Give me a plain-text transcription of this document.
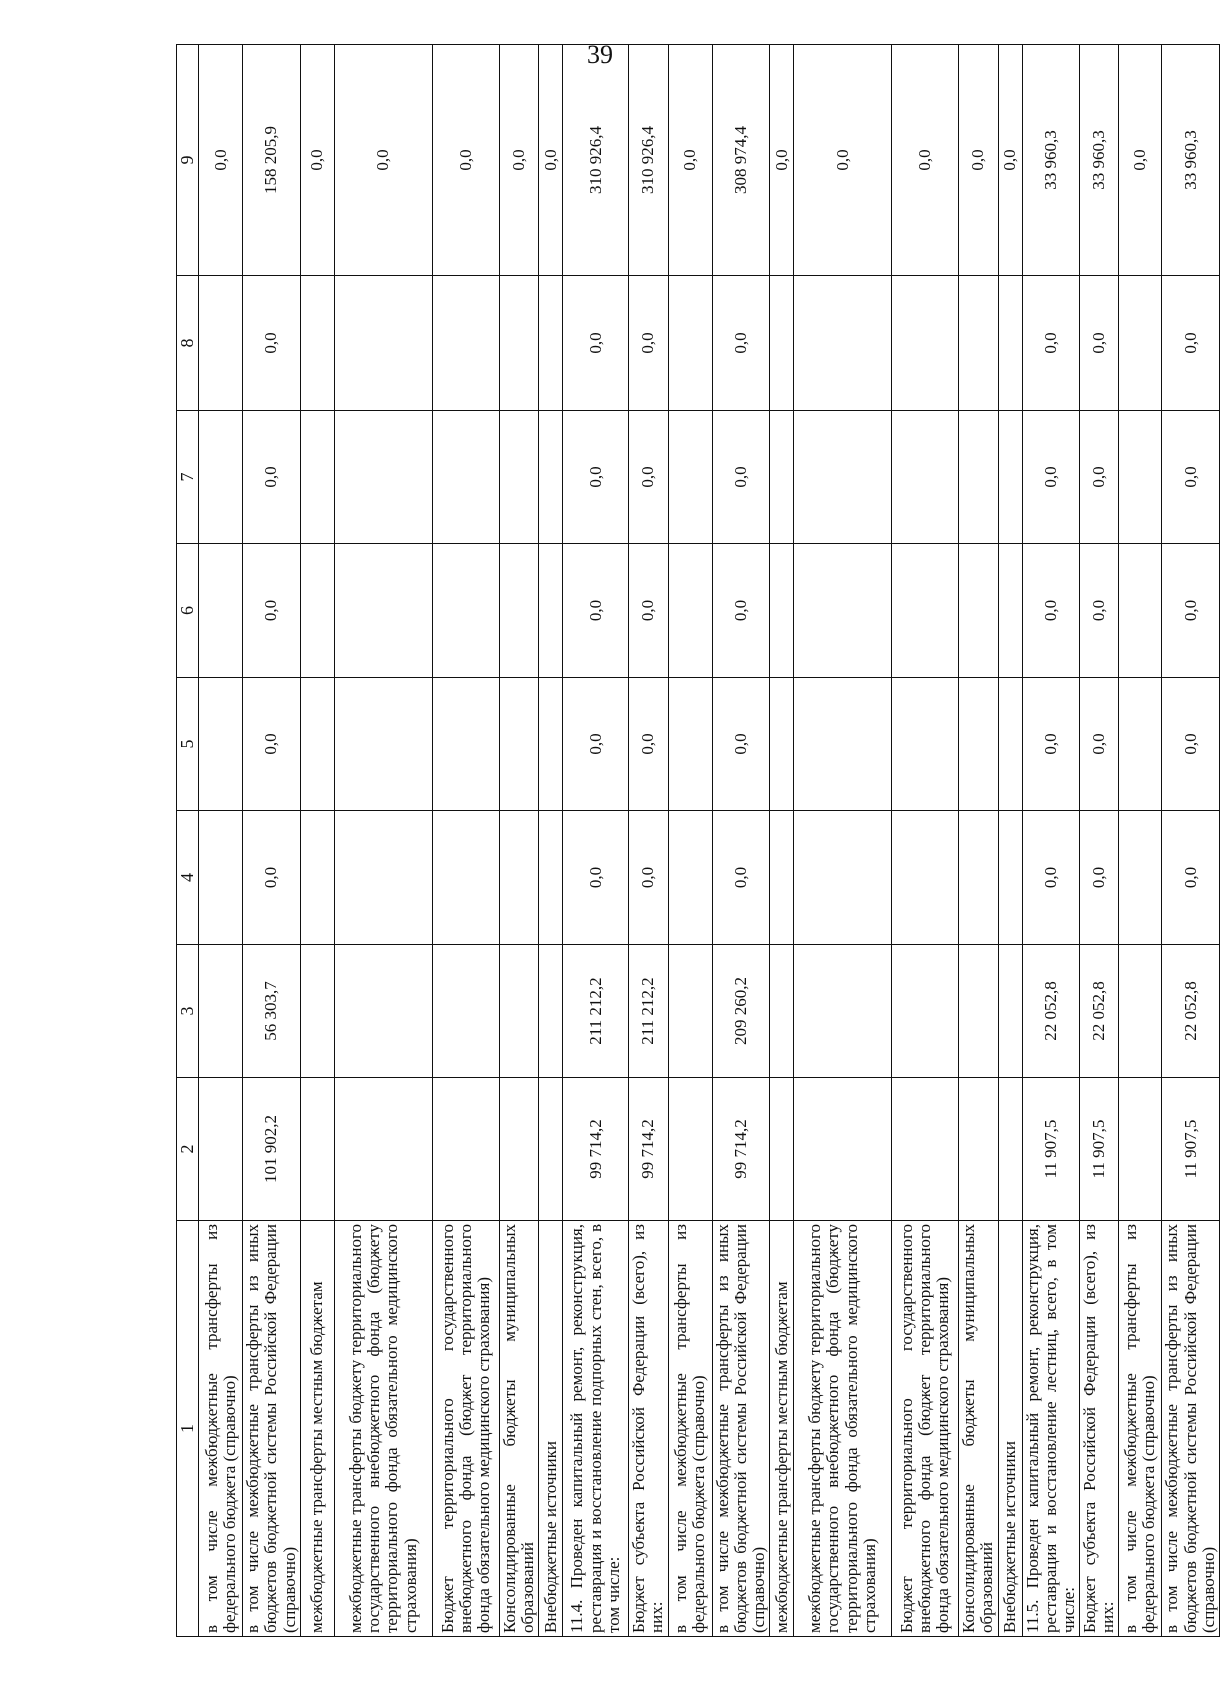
39
1	2	3	4	5	6	7	8	9
в том числе межбюджетные трансферты из федерального бюджета (справочно)								0,0
в том числе межбюджетные трансферты из иных бюджетов бюджетной системы Российской Федерации (справочно)	101 902,2	56 303,7	0,0	0,0	0,0	0,0	0,0	158 205,9
межбюджетные трансферты местным бюджетам								0,0
межбюджетные трансферты бюджету территориального государственного внебюджетного фонда (бюджету территориального фонда обязательного медицинского страхования)								0,0
Бюджет территориального государственного внебюджетного фонда (бюджет территориального фонда обязательного медицинского страхования)								0,0
Консолидированные бюджеты муниципальных образований								0,0
Внебюджетные источники								0,0
11.4. Проведен капитальный ремонт, реконструкция, реставрация и восстановление подпорных стен, всего, в том числе:	99 714,2	211 212,2	0,0	0,0	0,0	0,0	0,0	310 926,4
Бюджет субъекта Российской Федерации (всего), из них:	99 714,2	211 212,2	0,0	0,0	0,0	0,0	0,0	310 926,4
в том числе межбюджетные трансферты из федерального бюджета (справочно)								0,0
в том числе межбюджетные трансферты из иных бюджетов бюджетной системы Российской Федерации (справочно)	99 714,2	209 260,2	0,0	0,0	0,0	0,0	0,0	308 974,4
межбюджетные трансферты местным бюджетам								0,0
межбюджетные трансферты бюджету территориального государственного внебюджетного фонда (бюджету территориального фонда обязательного медицинского страхования)								0,0
Бюджет территориального государственного внебюджетного фонда (бюджет территориального фонда обязательного медицинского страхования)								0,0
Консолидированные бюджеты муниципальных образований								0,0
Внебюджетные источники								0,0
11.5. Проведен капитальный ремонт, реконструкция, реставрация и восстановление лестниц, всего, в том числе:	11 907,5	22 052,8	0,0	0,0	0,0	0,0	0,0	33 960,3
Бюджет субъекта Российской Федерации (всего), из них:	11 907,5	22 052,8	0,0	0,0	0,0	0,0	0,0	33 960,3
в том числе межбюджетные трансферты из федерального бюджета (справочно)								0,0
в том числе межбюджетные трансферты из иных бюджетов бюджетной системы Российской Федерации (справочно)	11 907,5	22 052,8	0,0	0,0	0,0	0,0	0,0	33 960,3
